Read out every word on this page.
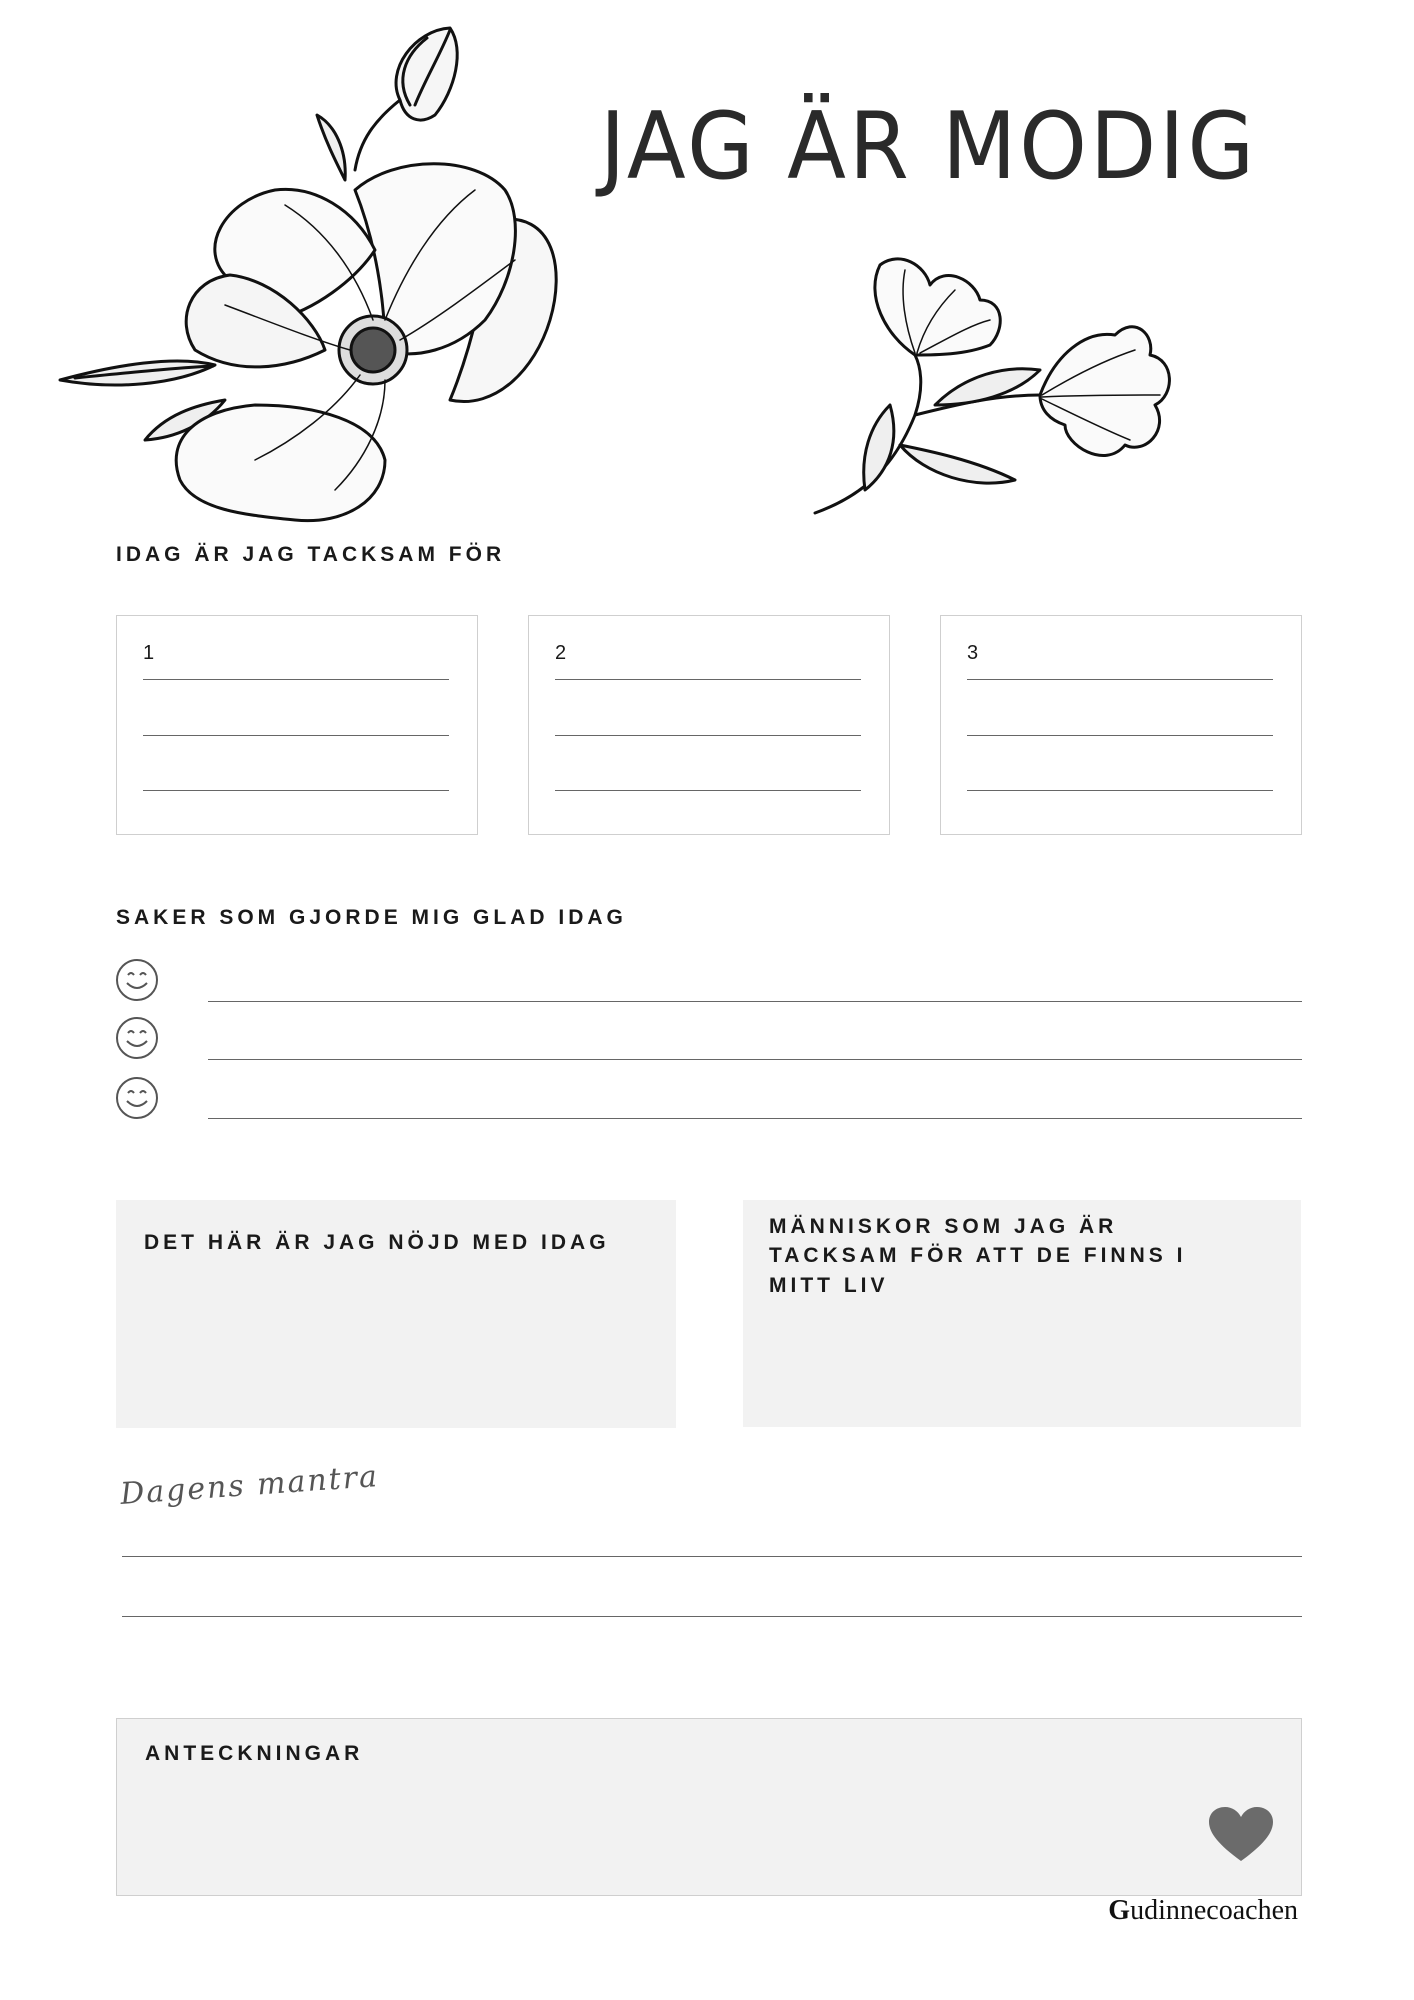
JAG ÄR MODIG
IDAG ÄR JAG TACKSAM FÖR
1	2	3
SAKER SOM GJORDE MIG GLAD IDAG
DET HÄR ÄR JAG NÖJD MED IDAG
MÄNNISKOR SOM JAG ÄR TACKSAM FÖR ATT DE FINNS I MITT LIV
Dagens mantra
ANTECKNINGAR
Gudinnecoachen
